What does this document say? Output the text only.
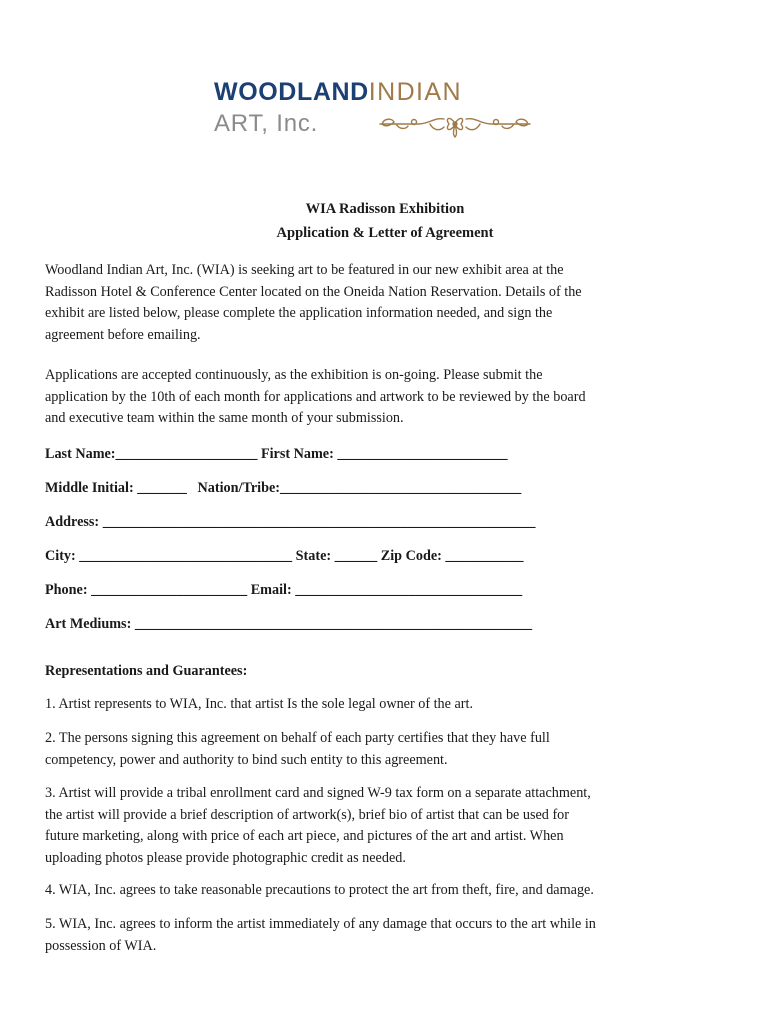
WOODLANDINDIAN
ART, Inc.
WIA Radisson Exhibition
Application & Letter of Agreement
Woodland Indian Art, Inc. (WIA) is seeking art to be featured in our new exhibit area at the
Radisson Hotel & Conference Center located on the Oneida Nation Reservation. Details of the
exhibit are listed below, please complete the application information needed, and sign the
agreement before emailing.
Applications are accepted continuously, as the exhibition is on-going. Please submit the
application by the 10th of each month for applications and artwork to be reviewed by the board
and executive team within the same month of your submission.
Last Name:____________________ First Name: ________________________
Middle Initial: _______ Nation/Tribe:__________________________________
Address: _____________________________________________________________
City: ______________________________ State: ______ Zip Code: ___________
Phone: ______________________ Email: ________________________________
Art Mediums: ________________________________________________________
Representations and Guarantees:
1. Artist represents to WIA, Inc. that artist Is the sole legal owner of the art.
2. The persons signing this agreement on behalf of each party certifies that they have full
competency, power and authority to bind such entity to this agreement.
3. Artist will provide a tribal enrollment card and signed W-9 tax form on a separate attachment,
the artist will provide a brief description of artwork(s), brief bio of artist that can be used for
future marketing, along with price of each art piece, and pictures of the art and artist. When
uploading photos please provide photographic credit as needed.
4. WIA, Inc. agrees to take reasonable precautions to protect the art from theft, fire, and damage.
5. WIA, Inc. agrees to inform the artist immediately of any damage that occurs to the art while in
possession of WIA.
